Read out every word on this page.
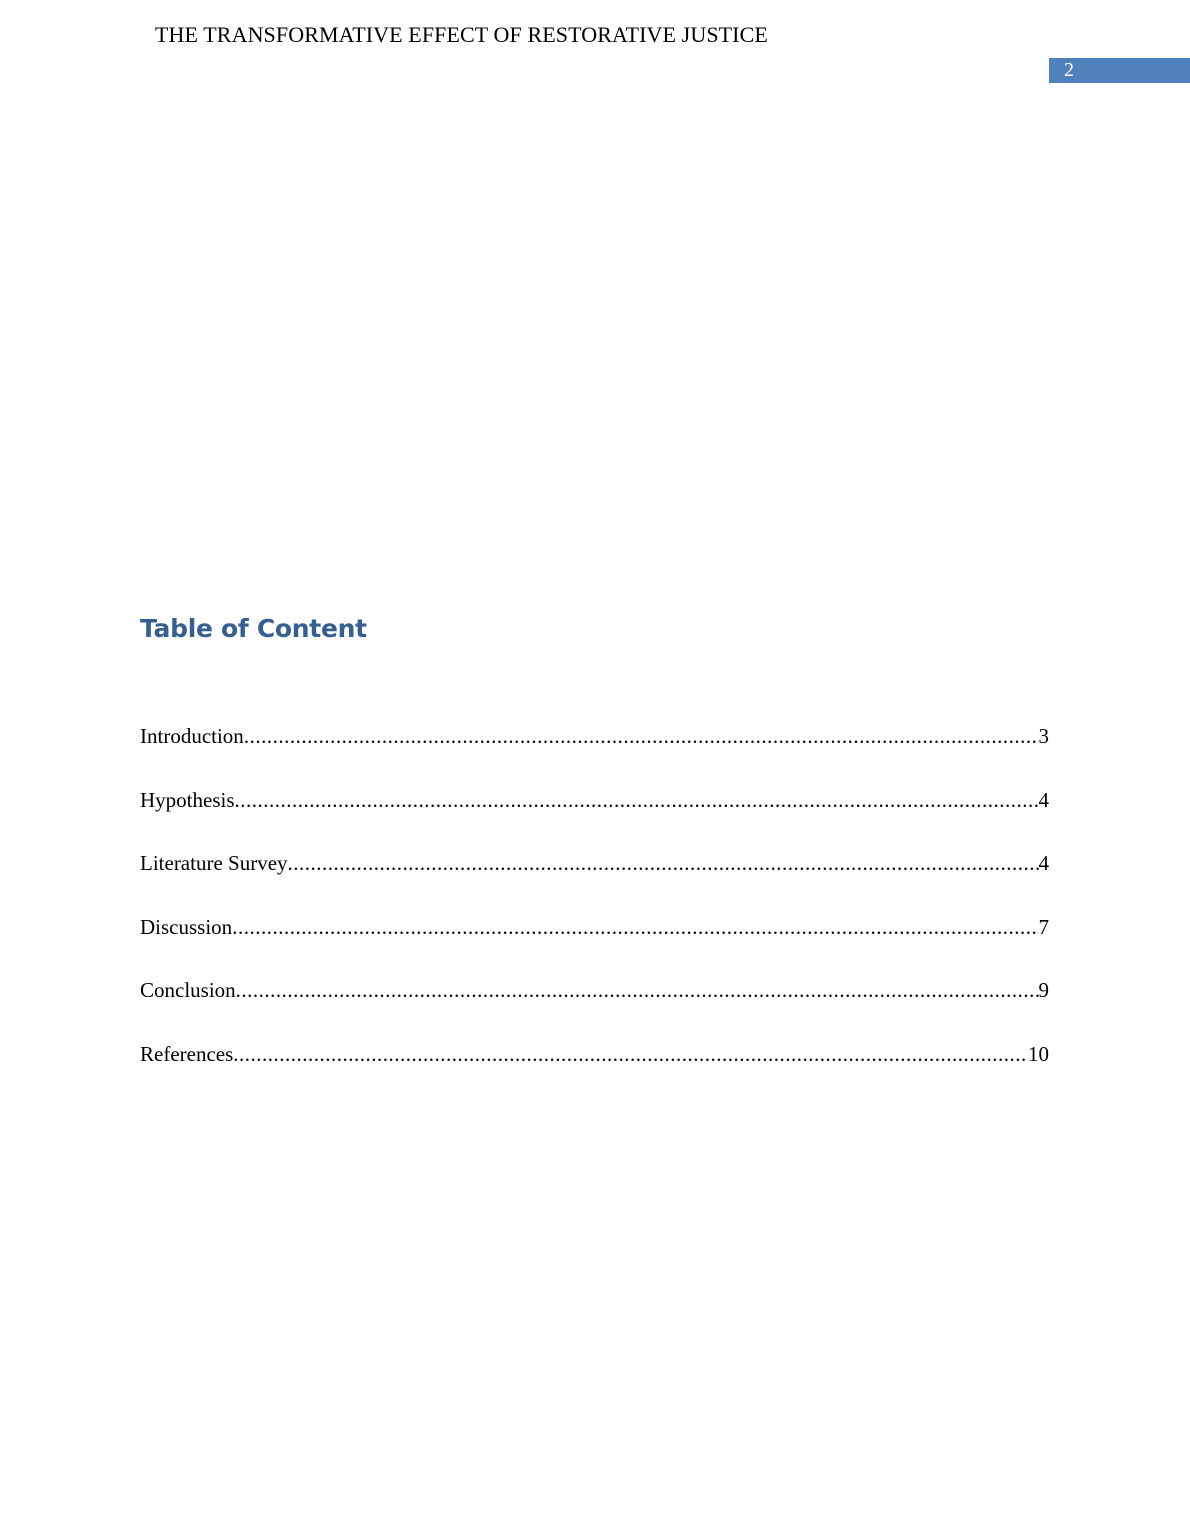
THE TRANSFORMATIVE EFFECT OF RESTORATIVE JUSTICE
2
Table of Content
Introduction .....	3
Hypothesis .....	4
Literature Survey .....	4
Discussion .....	7
Conclusion .....	9
References .....	10
